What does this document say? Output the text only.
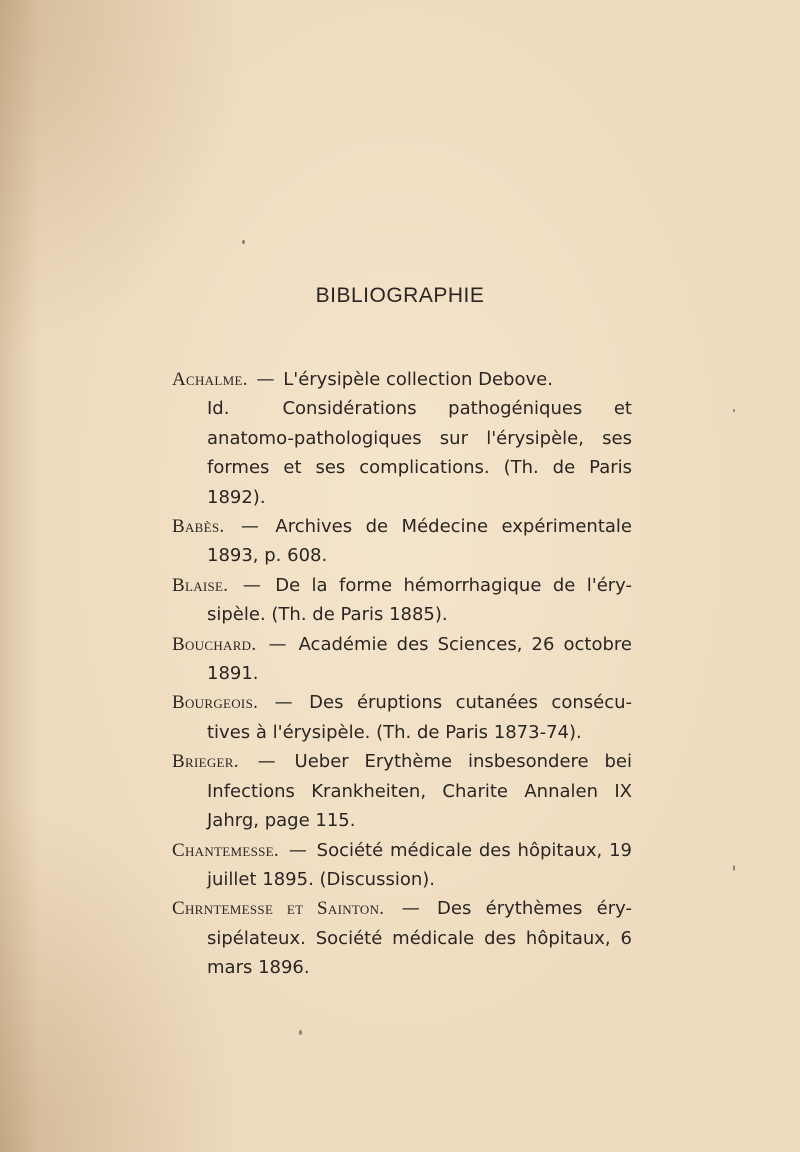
BIBLIOGRAPHIE

Achalme. — L'érysipèle collection Debove.

Id.	Considérations pathogéniques et anatomo-pathologiques sur l'érysipèle, ses formes et ses complications. (Th. de Paris 1892).

Babès. — Archives de Médecine expérimentale 1893, p. 608.

Blaise. — De la forme hémorrhagique de l'éry-sipèle. (Th. de Paris 1885).

Bouchard. — Académie des Sciences, 26 octobre 1891.

Bourgeois. — Des éruptions cutanées consécu-tives à l'érysipèle. (Th. de Paris 1873-74).

Brieger. — Ueber Erythème insbesondere bei Infections Krankheiten, Charite Annalen IX Jahrg, page 115.

Chantemesse. — Société médicale des hôpitaux, 19 juillet 1895. (Discussion).

Chrntemesse et Sainton. — Des érythèmes éry-sipélateux. Société médicale des hôpitaux, 6 mars 1896.
